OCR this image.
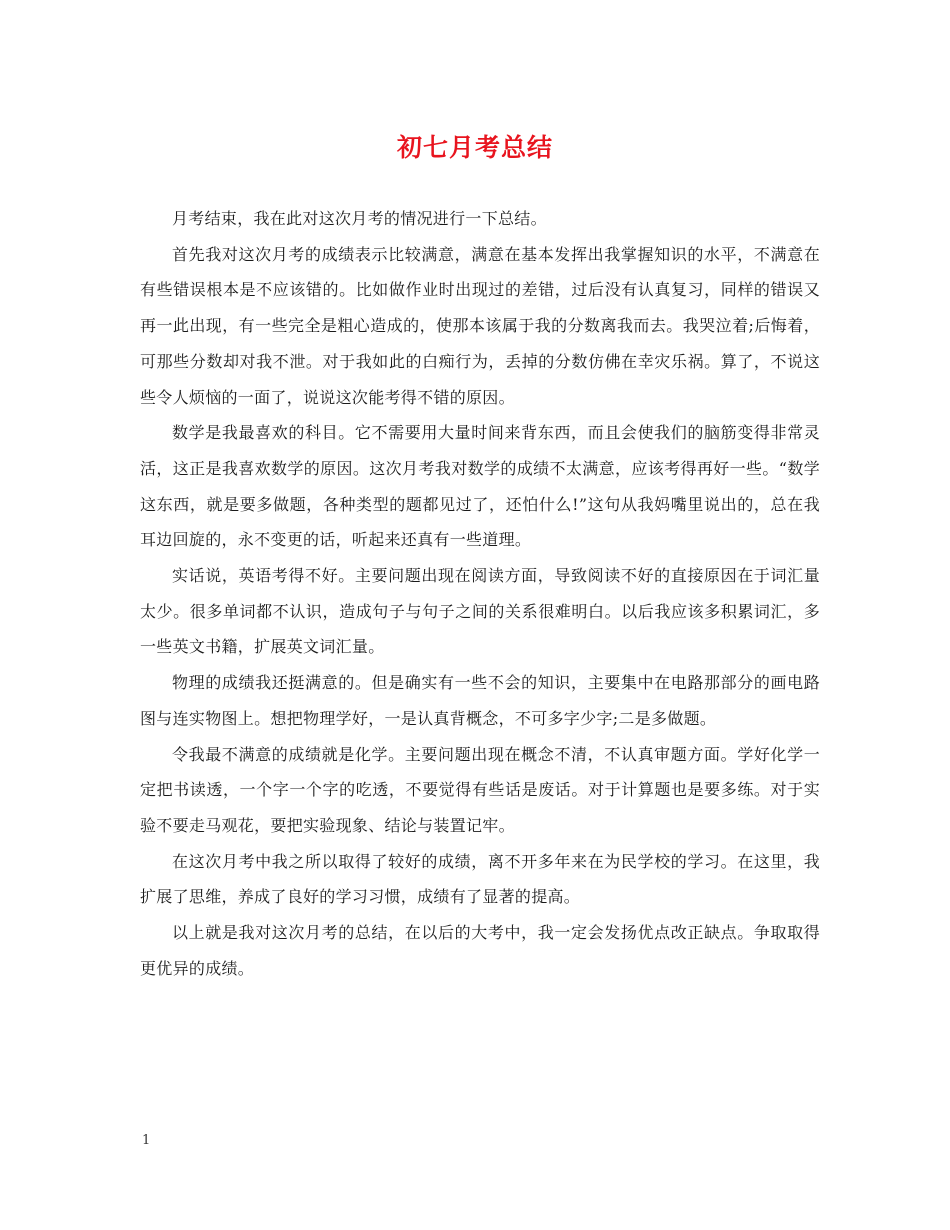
初七月考总结

月考结束，我在此对这次月考的情况进行一下总结。

首先我对这次月考的成绩表示比较满意，满意在基本发挥出我掌握知识的水平，不满意在有些错误根本是不应该错的。比如做作业时出现过的差错，过后没有认真复习，同样的错误又再一此出现，有一些完全是粗心造成的，使那本该属于我的分数离我而去。我哭泣着;后悔着，可那些分数却对我不泄。对于我如此的白痴行为，丢掉的分数仿佛在幸灾乐祸。算了，不说这些令人烦恼的一面了，说说这次能考得不错的原因。

数学是我最喜欢的科目。它不需要用大量时间来背东西，而且会使我们的脑筋变得非常灵活，这正是我喜欢数学的原因。这次月考我对数学的成绩不太满意，应该考得再好一些。“数学这东西，就是要多做题，各种类型的题都见过了，还怕什么!”这句从我妈嘴里说出的，总在我耳边回旋的，永不变更的话，听起来还真有一些道理。

实话说，英语考得不好。主要问题出现在阅读方面，导致阅读不好的直接原因在于词汇量太少。很多单词都不认识，造成句子与句子之间的关系很难明白。以后我应该多积累词汇，多一些英文书籍，扩展英文词汇量。

物理的成绩我还挺满意的。但是确实有一些不会的知识，主要集中在电路那部分的画电路图与连实物图上。想把物理学好，一是认真背概念，不可多字少字;二是多做题。

令我最不满意的成绩就是化学。主要问题出现在概念不清，不认真审题方面。学好化学一定把书读透，一个字一个字的吃透，不要觉得有些话是废话。对于计算题也是要多练。对于实验不要走马观花，要把实验现象、结论与装置记牢。

在这次月考中我之所以取得了较好的成绩，离不开多年来在为民学校的学习。在这里，我扩展了思维，养成了良好的学习习惯，成绩有了显著的提高。

以上就是我对这次月考的总结，在以后的大考中，我一定会发扬优点改正缺点。争取取得更优异的成绩。

1
